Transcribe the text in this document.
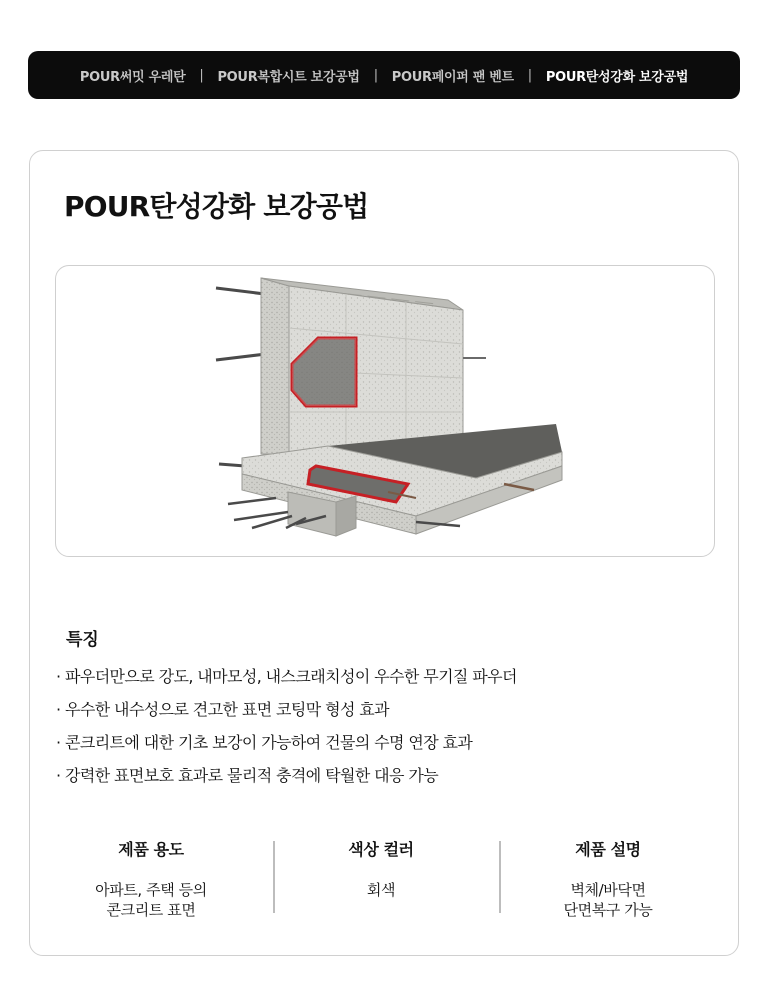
POUR써밋 우레탄 | POUR복합시트 보강공법 | POUR페이퍼 팬 벤트 | POUR탄성강화 보강공법
POUR탄성강화 보강공법
특징
· 파우더만으로 강도, 내마모성, 내스크래치성이 우수한 무기질 파우더
· 우수한 내수성으로 견고한 표면 코팅막 형성 효과
· 콘크리트에 대한 기초 보강이 가능하여 건물의 수명 연장 효과
· 강력한 표면보호 효과로 물리적 충격에 탁월한 대응 가능
제품 용도
아파트, 주택 등의
콘크리트 표면
색상 컬러
회색
제품 설명
벽체/바닥면
단면복구 가능
